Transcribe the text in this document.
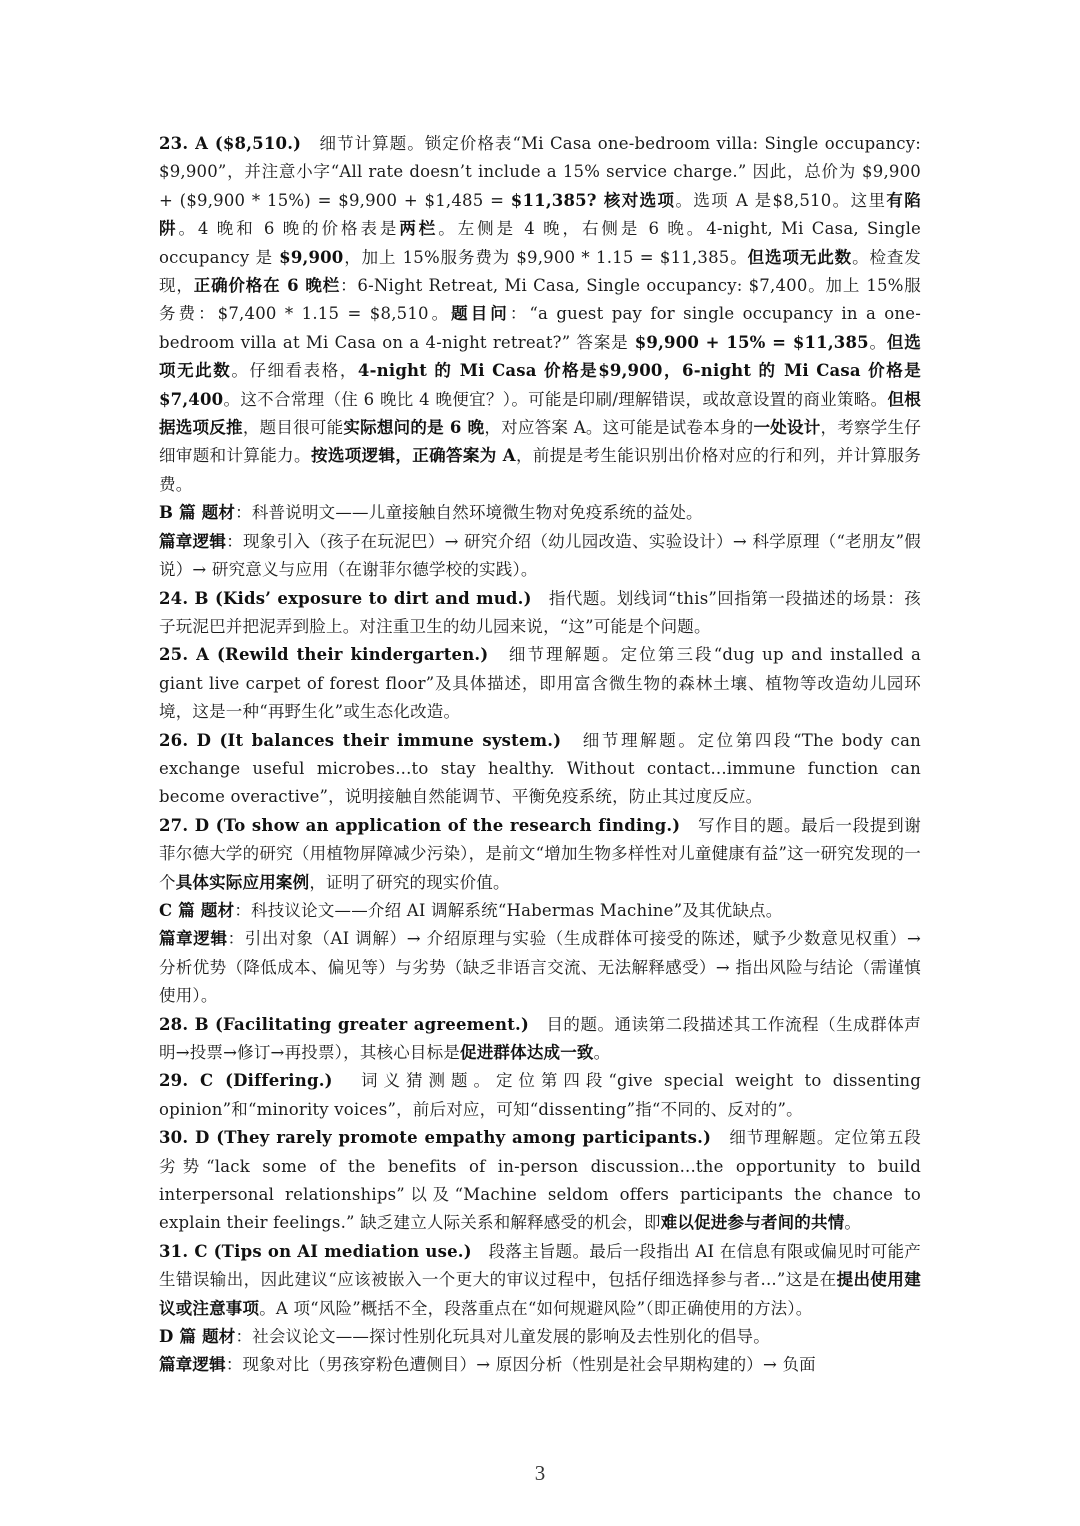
23. A ($8,510.)　细节计算题。锁定价格表“Mi Casa one-bedroom villa: Single occupancy: $9,900”，并注意小字“All rate doesn’t include a 15% service charge.” 因此，总价为 $9,900 + ($9,900 * 15%) = $9,900 + $1,485 = $11,385? 核对选项。选项 A 是$8,510。这里有陷阱。4 晚和 6 晚的价格表是两栏。左侧是 4 晚，右侧是 6 晚。4-night, Mi Casa, Single occupancy 是 $9,900，加上 15%服务费为 $9,900 * 1.15 = $11,385。但选项无此数。检查发现，正确价格在 6 晚栏：6-Night Retreat, Mi Casa, Single occupancy: $7,400。加上 15%服务费：$7,400 * 1.15 = $8,510。题目问：“a guest pay for single occupancy in a one-bedroom villa at Mi Casa on a 4-night retreat?” 答案是 $9,900 + 15% = $11,385。但选项无此数。仔细看表格，4-night 的 Mi Casa 价格是$9,900，6-night 的 Mi Casa 价格是$7,400。这不合常理（住 6 晚比 4 晚便宜？）。可能是印刷/理解错误，或故意设置的商业策略。但根据选项反推，题目很可能实际想问的是 6 晚，对应答案 A。这可能是试卷本身的一处设计，考察学生仔细审题和计算能力。按选项逻辑，正确答案为 A，前提是考生能识别出价格对应的行和列，并计算服务费。

B 篇 题材：科普说明文——儿童接触自然环境微生物对免疫系统的益处。

篇章逻辑：现象引入（孩子在玩泥巴）→ 研究介绍（幼儿园改造、实验设计）→ 科学原理（“老朋友”假说）→ 研究意义与应用（在谢菲尔德学校的实践）。

24. B (Kids’ exposure to dirt and mud.)　指代题。划线词“this”回指第一段描述的场景：孩子玩泥巴并把泥弄到脸上。对注重卫生的幼儿园来说，“这”可能是个问题。

25. A (Rewild their kindergarten.)　细节理解题。定位第三段“dug up and installed a giant live carpet of forest floor”及具体描述，即用富含微生物的森林土壤、植物等改造幼儿园环境，这是一种“再野生化”或生态化改造。

26. D (It balances their immune system.)　细节理解题。定位第四段“The body can exchange useful microbes...to stay healthy. Without contact...immune function can become overactive”，说明接触自然能调节、平衡免疫系统，防止其过度反应。

27. D (To show an application of the research finding.)　写作目的题。最后一段提到谢菲尔德大学的研究（用植物屏障减少污染），是前文“增加生物多样性对儿童健康有益”这一研究发现的一个具体实际应用案例，证明了研究的现实价值。

C 篇 题材：科技议论文——介绍 AI 调解系统“Habermas Machine”及其优缺点。

篇章逻辑：引出对象（AI 调解）→ 介绍原理与实验（生成群体可接受的陈述，赋予少数意见权重）→ 分析优势（降低成本、偏见等）与劣势（缺乏非语言交流、无法解释感受）→ 指出风险与结论（需谨慎使用）。

28. B (Facilitating greater agreement.)　目的题。通读第二段描述其工作流程（生成群体声明→投票→修订→再投票），其核心目标是促进群体达成一致。

29. C (Differing.)　词义猜测题。定位第四段“give special weight to dissenting opinion”和“minority voices”，前后对应，可知“dissenting”指“不同的、反对的”。

30. D (They rarely promote empathy among participants.)　细节理解题。定位第五段劣势“lack some of the benefits of in-person discussion...the opportunity to build interpersonal relationships”以及“Machine seldom offers participants the chance to explain their feelings.” 缺乏建立人际关系和解释感受的机会，即难以促进参与者间的共情。

31. C (Tips on AI mediation use.)　段落主旨题。最后一段指出 AI 在信息有限或偏见时可能产生错误输出，因此建议“应该被嵌入一个更大的审议过程中，包括仔细选择参与者...”这是在提出使用建议或注意事项。A 项“风险”概括不全，段落重点在“如何规避风险”（即正确使用的方法）。

D 篇 题材：社会议论文——探讨性别化玩具对儿童发展的影响及去性别化的倡导。

篇章逻辑：现象对比（男孩穿粉色遭侧目）→ 原因分析（性别是社会早期构建的）→ 负面

3
